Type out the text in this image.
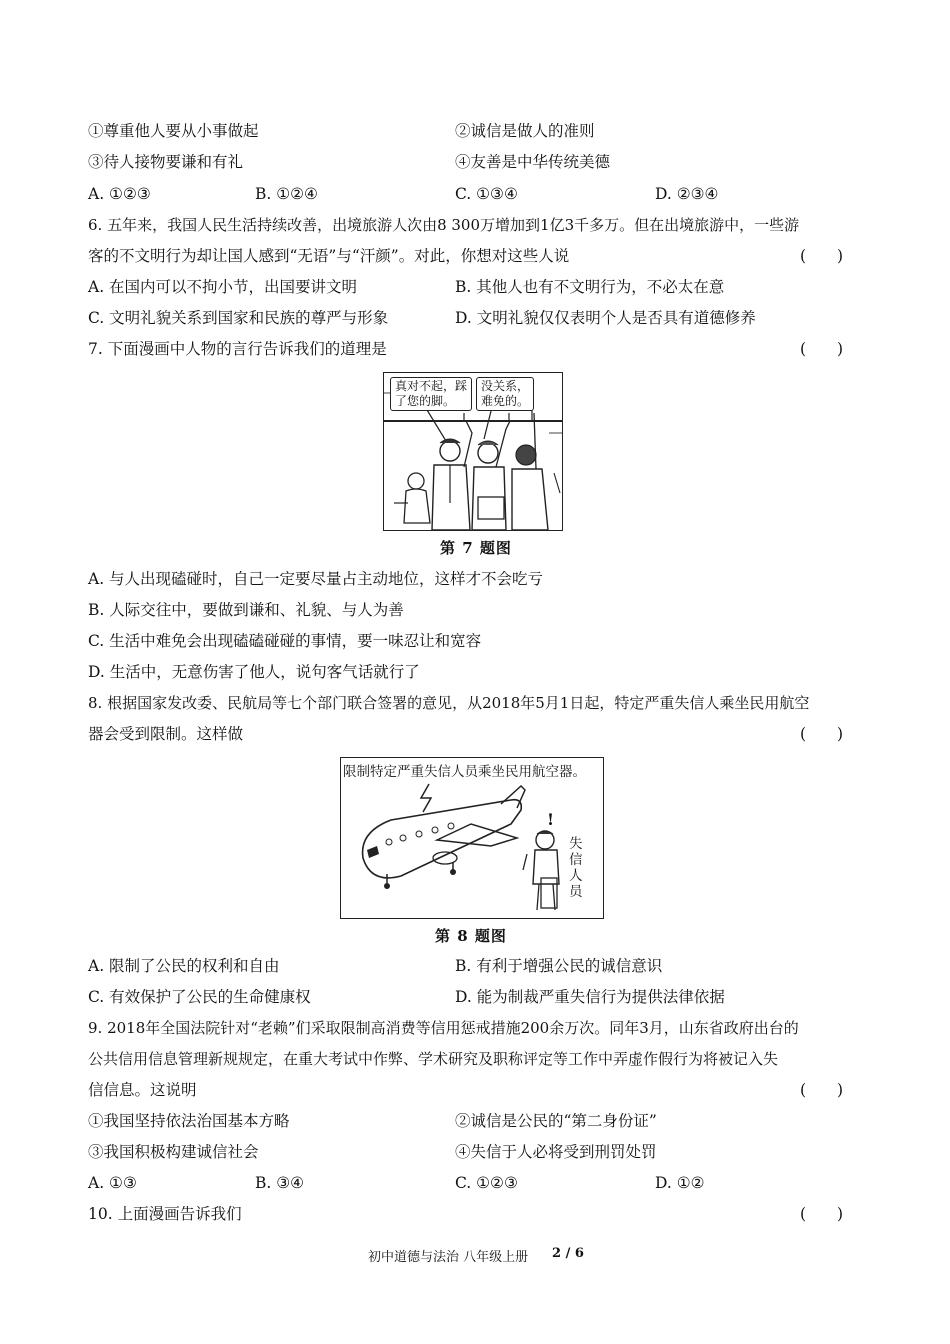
①尊重他人要从小事做起	②诚信是做人的准则
③待人接物要谦和有礼	④友善是中华传统美德
A. ①②③	B. ①②④	C. ①③④	D. ②③④
6. 五年来，我国人民生活持续改善，出境旅游人次由8 300万增加到1亿3千多万。但在出境旅游中，一些游
客的不文明行为却让国人感到“无语”与“汗颜”。对此，你想对这些人说	(　　)
A. 在国内可以不拘小节，出国要讲文明	B. 其他人也有不文明行为，不必太在意
C. 文明礼貌关系到国家和民族的尊严与形象	D. 文明礼貌仅仅表明个人是否具有道德修养
7. 下面漫画中人物的言行告诉我们的道理是	(　　)
真对不起，踩
了您的脚。
没关系，
难免的。
第 7 题图
A. 与人出现磕碰时，自己一定要尽量占主动地位，这样才不会吃亏
B. 人际交往中，要做到谦和、礼貌、与人为善
C. 生活中难免会出现磕磕碰碰的事情，要一味忍让和宽容
D. 生活中，无意伤害了他人，说句客气话就行了
8. 根据国家发改委、民航局等七个部门联合签署的意见，从2018年5月1日起，特定严重失信人乘坐民用航空
器会受到限制。这样做	(　　)
限制特定严重失信人员乘坐民用航空器。
!
失信人员
第 8 题图
A. 限制了公民的权利和自由	B. 有利于增强公民的诚信意识
C. 有效保护了公民的生命健康权	D. 能为制裁严重失信行为提供法律依据
9. 2018年全国法院针对“老赖”们采取限制高消费等信用惩戒措施200余万次。同年3月，山东省政府出台的
公共信用信息管理新规规定，在重大考试中作弊、学术研究及职称评定等工作中弄虚作假行为将被记入失
信信息。这说明	(　　)
①我国坚持依法治国基本方略	②诚信是公民的“第二身份证”
③我国积极构建诚信社会	④失信于人必将受到刑罚处罚
A. ①③	B. ③④	C. ①②③	D. ①②
10. 上面漫画告诉我们	(　　)
初中道德与法治 八年级上册 2 / 6
